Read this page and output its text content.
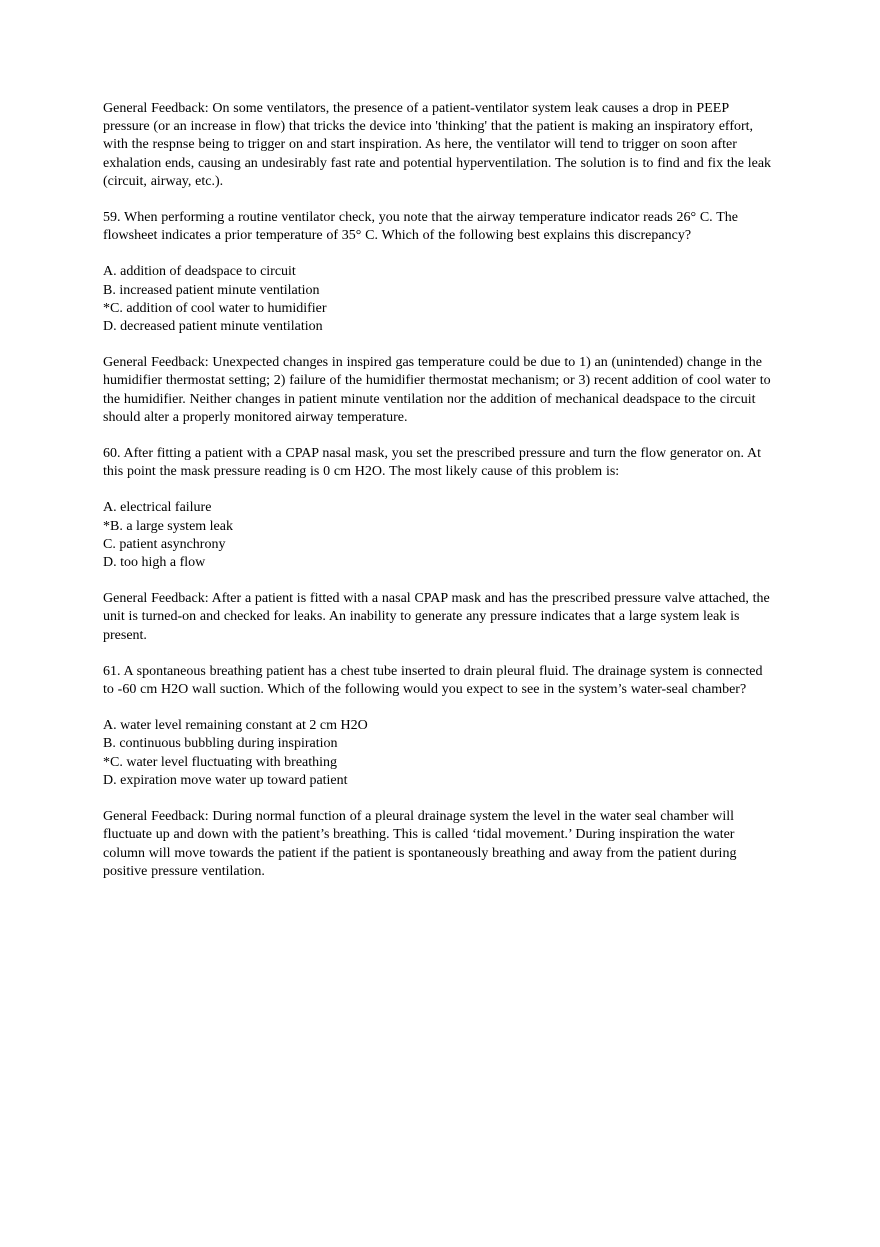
General Feedback: On some ventilators, the presence of a patient-ventilator system leak causes a drop in PEEP pressure (or an increase in flow) that tricks the device into 'thinking' that the patient is making an inspiratory effort, with the respnse being to trigger on and start inspiration. As here, the ventilator will tend to trigger on soon after exhalation ends, causing an undesirably fast rate and potential hyperventilation. The solution is to find and fix the leak (circuit, airway, etc.).

59. When performing a routine ventilator check, you note that the airway temperature indicator reads 26° C. The flowsheet indicates a prior temperature of 35° C. Which of the following best explains this discrepancy?

A. addition of deadspace to circuit
B. increased patient minute ventilation
*C. addition of cool water to humidifier
D. decreased patient minute ventilation

General Feedback: Unexpected changes in inspired gas temperature could be due to 1) an (unintended) change in the humidifier thermostat setting; 2) failure of the humidifier thermostat mechanism; or 3) recent addition of cool water to the humidifier. Neither changes in patient minute ventilation nor the addition of mechanical deadspace to the circuit should alter a properly monitored airway temperature.

60. After fitting a patient with a CPAP nasal mask, you set the prescribed pressure and turn the flow generator on. At this point the mask pressure reading is 0 cm H2O. The most likely cause of this problem is:

A. electrical failure
*B. a large system leak
C. patient asynchrony
D. too high a flow

General Feedback: After a patient is fitted with a nasal CPAP mask and has the prescribed pressure valve attached, the unit is turned-on and checked for leaks. An inability to generate any pressure indicates that a large system leak is present.

61. A spontaneous breathing patient has a chest tube inserted to drain pleural fluid. The drainage system is connected to -60 cm H2O wall suction. Which of the following would you expect to see in the system’s water-seal chamber?

A. water level remaining constant at 2 cm H2O
B. continuous bubbling during inspiration
*C. water level fluctuating with breathing
D. expiration move water up toward patient

General Feedback: During normal function of a pleural drainage system the level in the water seal chamber will fluctuate up and down with the patient’s breathing. This is called ‘tidal movement.’ During inspiration the water column will move towards the patient if the patient is spontaneously breathing and away from the patient during positive pressure ventilation.
